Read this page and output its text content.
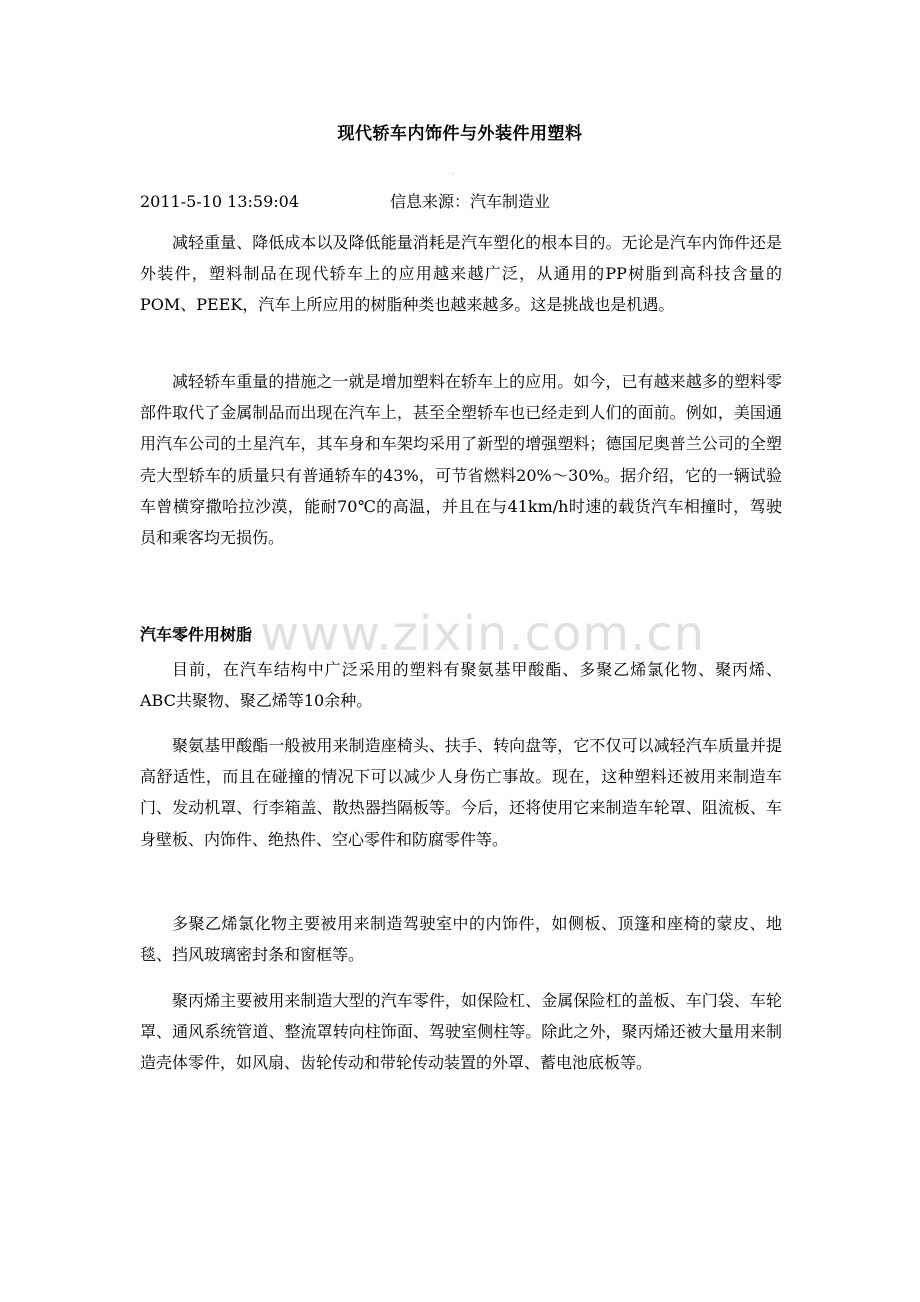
现代轿车内饰件与外装件用塑料
·
2011-5-10 13:59:04	信息来源：汽车制造业

减轻重量、降低成本以及降低能量消耗是汽车塑化的根本目的。无论是汽车内饰件还是外装件，塑料制品在现代轿车上的应用越来越广泛，从通用的PP树脂到高科技含量的POM、PEEK，汽车上所应用的树脂种类也越来越多。这是挑战也是机遇。

减轻轿车重量的措施之一就是增加塑料在轿车上的应用。如今，已有越来越多的塑料零部件取代了金属制品而出现在汽车上，甚至全塑轿车也已经走到人们的面前。例如，美国通用汽车公司的土星汽车，其车身和车架均采用了新型的增强塑料；德国尼奥普兰公司的全塑壳大型轿车的质量只有普通轿车的43%，可节省燃料20%～30%。据介绍，它的一辆试验车曾横穿撒哈拉沙漠，能耐70℃的高温，并且在与41km/h时速的载货汽车相撞时，驾驶员和乘客均无损伤。

www.zixin.com.cn
汽车零件用树脂

目前，在汽车结构中广泛采用的塑料有聚氨基甲酸酯、多聚乙烯氯化物、聚丙烯、ABC共聚物、聚乙烯等10余种。

聚氨基甲酸酯一般被用来制造座椅头、扶手、转向盘等，它不仅可以减轻汽车质量并提高舒适性，而且在碰撞的情况下可以减少人身伤亡事故。现在，这种塑料还被用来制造车门、发动机罩、行李箱盖、散热器挡隔板等。今后，还将使用它来制造车轮罩、阻流板、车身壁板、内饰件、绝热件、空心零件和防腐零件等。

多聚乙烯氯化物主要被用来制造驾驶室中的内饰件，如侧板、顶篷和座椅的蒙皮、地毯、挡风玻璃密封条和窗框等。

聚丙烯主要被用来制造大型的汽车零件，如保险杠、金属保险杠的盖板、车门袋、车轮罩、通风系统管道、整流罩转向柱饰面、驾驶室侧柱等。除此之外，聚丙烯还被大量用来制造壳体零件，如风扇、齿轮传动和带轮传动装置的外罩、蓄电池底板等。
